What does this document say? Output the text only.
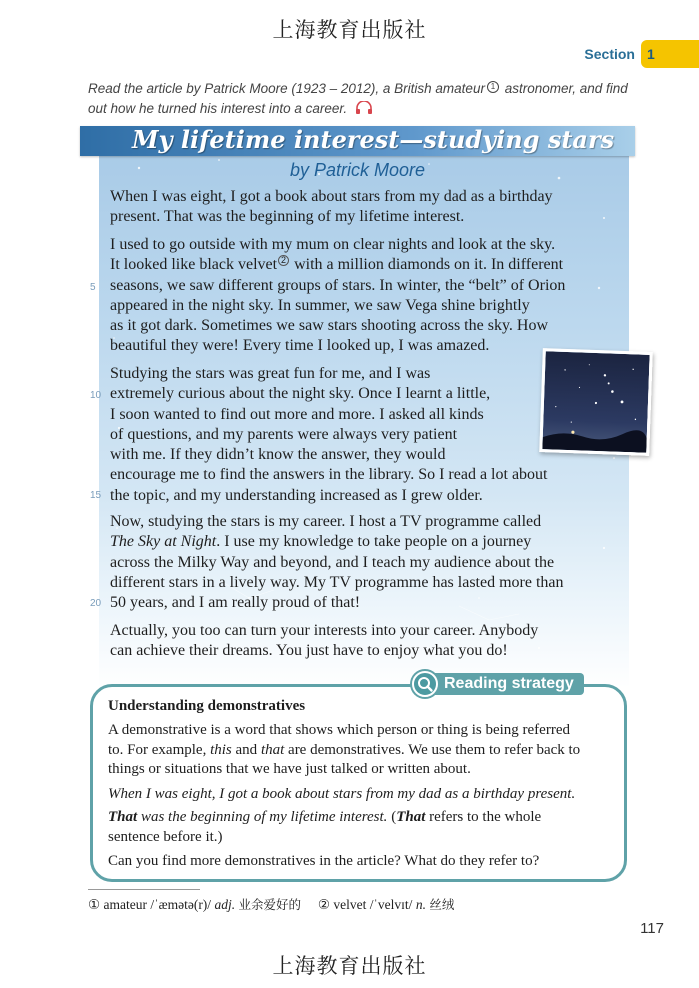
上海教育出版社
Section 1
Read the article by Patrick Moore (1923 – 2012), a British amateur 1 astronomer, and find out how he turned his interest into a career.
My lifetime interest—studying stars
by Patrick Moore
When I was eight, I got a book about stars from my dad as a birthday
present. That was the beginning of my lifetime interest.
I used to go outside with my mum on clear nights and look at the sky.
It looked like black velvet 2 with a million diamonds on it. In different
seasons, we saw different groups of stars. In winter, the “belt” of Orion
appeared in the night sky. In summer, we saw Vega shine brightly
as it got dark. Sometimes we saw stars shooting across the sky. How
beautiful they were! Every time I looked up, I was amazed.
Studying the stars was great fun for me, and I was
extremely curious about the night sky. Once I learnt a little,
I soon wanted to find out more and more. I asked all kinds
of questions, and my parents were always very patient
with me. If they didn’t know the answer, they would
encourage me to find the answers in the library. So I read a lot about
the topic, and my understanding increased as I grew older.
Now, studying the stars is my career. I host a TV programme called
The Sky at Night. I use my knowledge to take people on a journey
across the Milky Way and beyond, and I teach my audience about the
different stars in a lively way. My TV programme has lasted more than
50 years, and I am really proud of that!
Actually, you too can turn your interests into your career. Anybody
can achieve their dreams. You just have to enjoy what you do!
5
10
15
20
Reading strategy
Understanding demonstratives
A demonstrative is a word that shows which person or thing is being referred
to. For example, this and that are demonstratives. We use them to refer back to
things or situations that we have just talked or written about.
When I was eight, I got a book about stars from my dad as a birthday present.
That was the beginning of my lifetime interest. (That refers to the whole
sentence before it.)
Can you find more demonstratives in the article? What do they refer to?
① amateur /ˈæmətə(r)/ adj. 业余爱好的 ② velvet /ˈvelvɪt/ n. 丝绒
117
上海教育出版社
